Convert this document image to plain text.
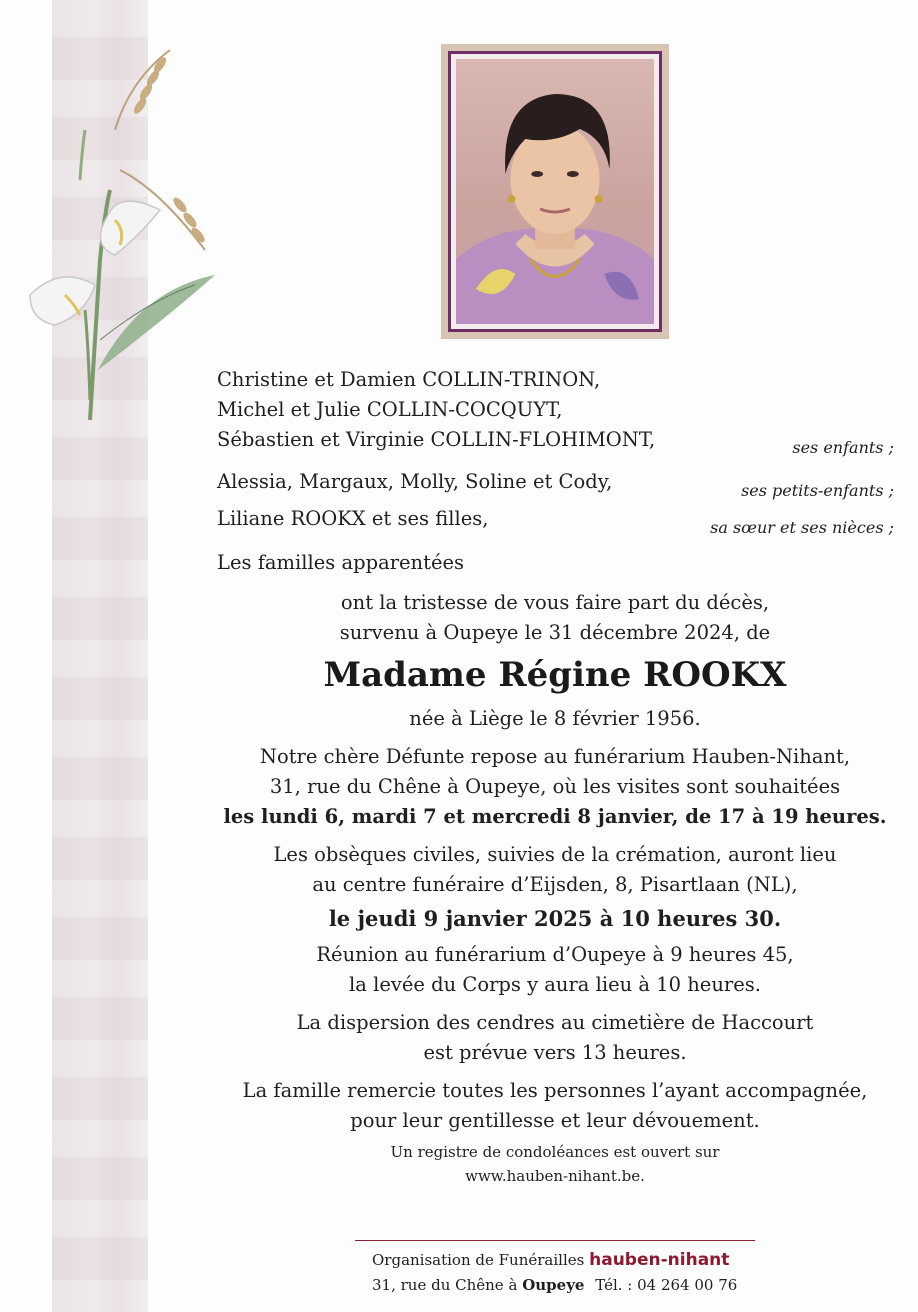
Christine et Damien COLLIN-TRINON,
Michel et Julie COLLIN-COCQUYT,
Sébastien et Virginie COLLIN-FLOHIMONT,	ses enfants ;
Alessia, Margaux, Molly, Soline et Cody,	ses petits-enfants ;
Liliane ROOKX et ses filles,	sa sœur et ses nièces ;
Les familles apparentées

ont la tristesse de vous faire part du décès,

survenu à Oupeye le 31 décembre 2024, de

Madame Régine ROOKX

née à Liège le 8 février 1956.

Notre chère Défunte repose au funérarium Hauben-Nihant,

31, rue du Chêne à Oupeye, où les visites sont souhaitées

les lundi 6, mardi 7 et mercredi 8 janvier, de 17 à 19 heures.

Les obsèques civiles, suivies de la crémation, auront lieu

au centre funéraire d’Eijsden, 8, Pisartlaan (NL),

le jeudi 9 janvier 2025 à 10 heures 30.

Réunion au funérarium d’Oupeye à 9 heures 45,

la levée du Corps y aura lieu à 10 heures.

La dispersion des cendres au cimetière de Haccourt

est prévue vers 13 heures.

La famille remercie toutes les personnes l’ayant accompagnée,

pour leur gentillesse et leur dévouement.

Un registre de condoléances est ouvert sur

www.hauben-nihant.be.

Organisation de Funérailles hauben-nihant
31, rue du Chêne à Oupeye Tél. : 04 264 00 76
